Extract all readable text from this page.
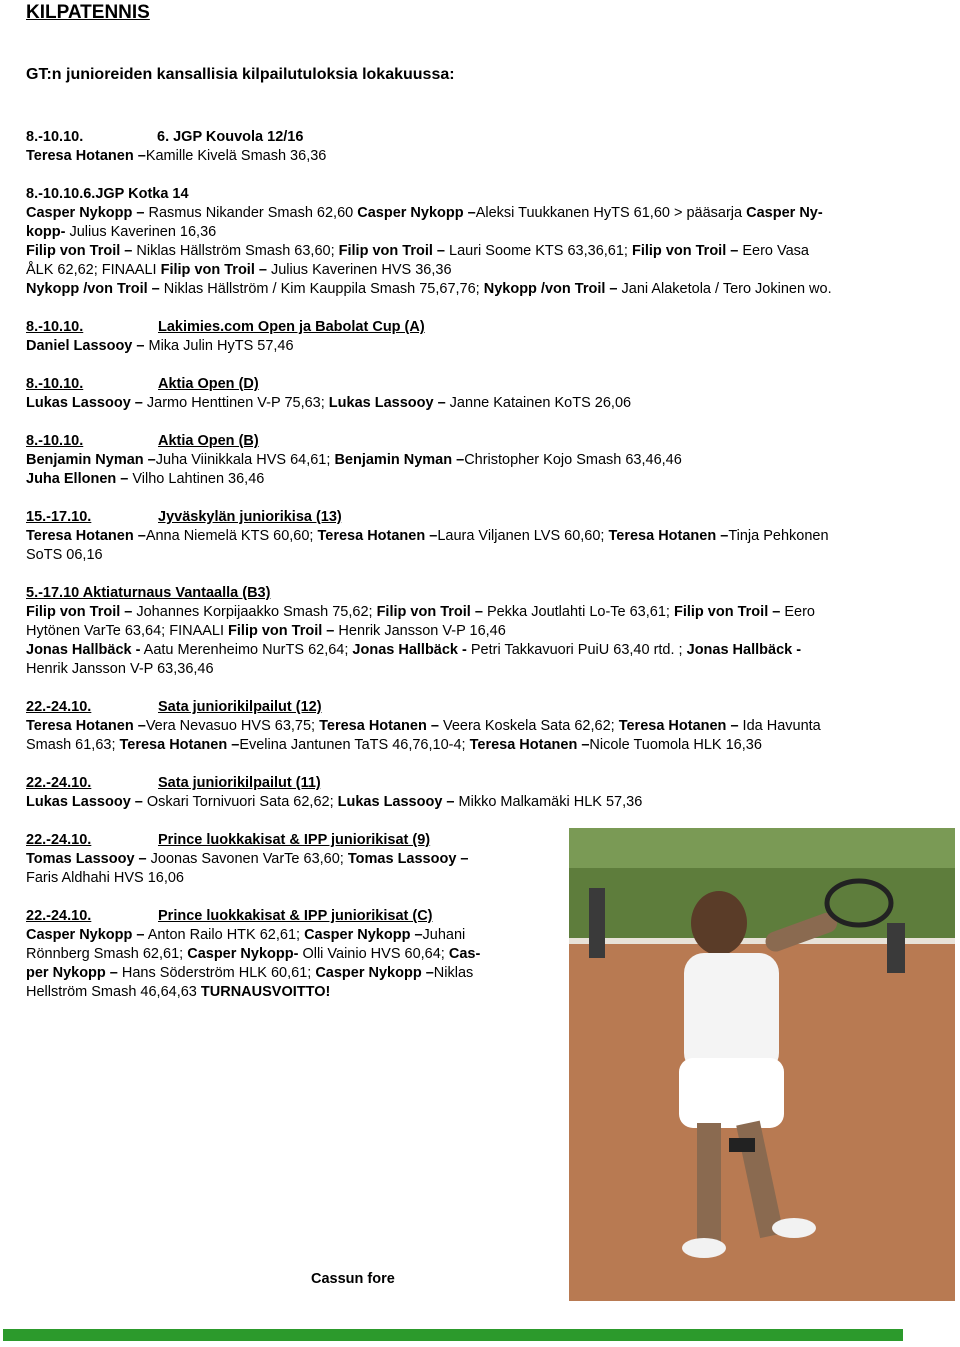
KILPATENNIS
GT:n junioreiden kansallisia kilpailutuloksia lokakuussa:
8.-10.10.	6. JGP Kouvola 12/16
Teresa Hotanen –Kamille Kivelä Smash 36,36
8.-10.10.6.JGP Kotka 14
Casper Nykopp – Rasmus Nikander Smash 62,60 Casper Nykopp –Aleksi Tuukkanen HyTS 61,60 > pääsarja Casper Ny-
kopp- Julius Kaverinen 16,36
Filip von Troil – Niklas Hällström Smash 63,60; Filip von Troil – Lauri Soome KTS 63,36,61; Filip von Troil – Eero Vasa
ÅLK 62,62; FINAALI Filip von Troil – Julius Kaverinen HVS 36,36
Nykopp /von Troil – Niklas Hällström / Kim Kauppila Smash 75,67,76; Nykopp /von Troil – Jani Alaketola / Tero Jokinen wo.
8.-10.10.	Lakimies.com Open ja Babolat Cup (A)
Daniel Lassooy – Mika Julin HyTS 57,46
8.-10.10.	Aktia Open (D)
Lukas Lassooy – Jarmo Henttinen V-P 75,63; Lukas Lassooy – Janne Katainen KoTS 26,06
8.-10.10.	Aktia Open (B)
Benjamin Nyman –Juha Viinikkala HVS 64,61; Benjamin Nyman –Christopher Kojo Smash 63,46,46
Juha Ellonen – Vilho Lahtinen 36,46
15.-17.10.	Jyväskylän juniorikisa (13)
Teresa Hotanen –Anna Niemelä KTS 60,60; Teresa Hotanen –Laura Viljanen LVS 60,60; Teresa Hotanen –Tinja Pehkonen
SoTS 06,16
5.-17.10 Aktiaturnaus Vantaalla (B3)
Filip von Troil – Johannes Korpijaakko Smash 75,62; Filip von Troil – Pekka Joutlahti Lo-Te 63,61; Filip von Troil – Eero
Hytönen VarTe 63,64; FINAALI Filip von Troil – Henrik Jansson V-P 16,46
Jonas Hallbäck - Aatu Merenheimo NurTS 62,64; Jonas Hallbäck - Petri Takkavuori PuiU 63,40 rtd. ; Jonas Hallbäck -
Henrik Jansson V-P 63,36,46
22.-24.10.	Sata juniorikilpailut (12)
Teresa Hotanen –Vera Nevasuo HVS 63,75; Teresa Hotanen – Veera Koskela Sata 62,62; Teresa Hotanen – Ida Havunta
Smash 61,63; Teresa Hotanen –Evelina Jantunen TaTS 46,76,10-4; Teresa Hotanen –Nicole Tuomola HLK 16,36
22.-24.10.	Sata juniorikilpailut (11)
Lukas Lassooy – Oskari Tornivuori Sata 62,62; Lukas Lassooy – Mikko Malkamäki HLK 57,36
22.-24.10.	Prince luokkakisat & IPP juniorikisat (9)
Tomas Lassooy – Joonas Savonen VarTe 63,60; Tomas Lassooy –
Faris Aldhahi HVS 16,06
22.-24.10.	Prince luokkakisat & IPP juniorikisat (C)
Casper Nykopp – Anton Railo HTK 62,61; Casper Nykopp –Juhani
Rönnberg Smash 62,61; Casper Nykopp- Olli Vainio HVS 60,64; Cas-
per Nykopp – Hans Söderström HLK 60,61; Casper Nykopp –Niklas
Hellström Smash 46,64,63 TURNAUSVOITTO!
Cassun fore
